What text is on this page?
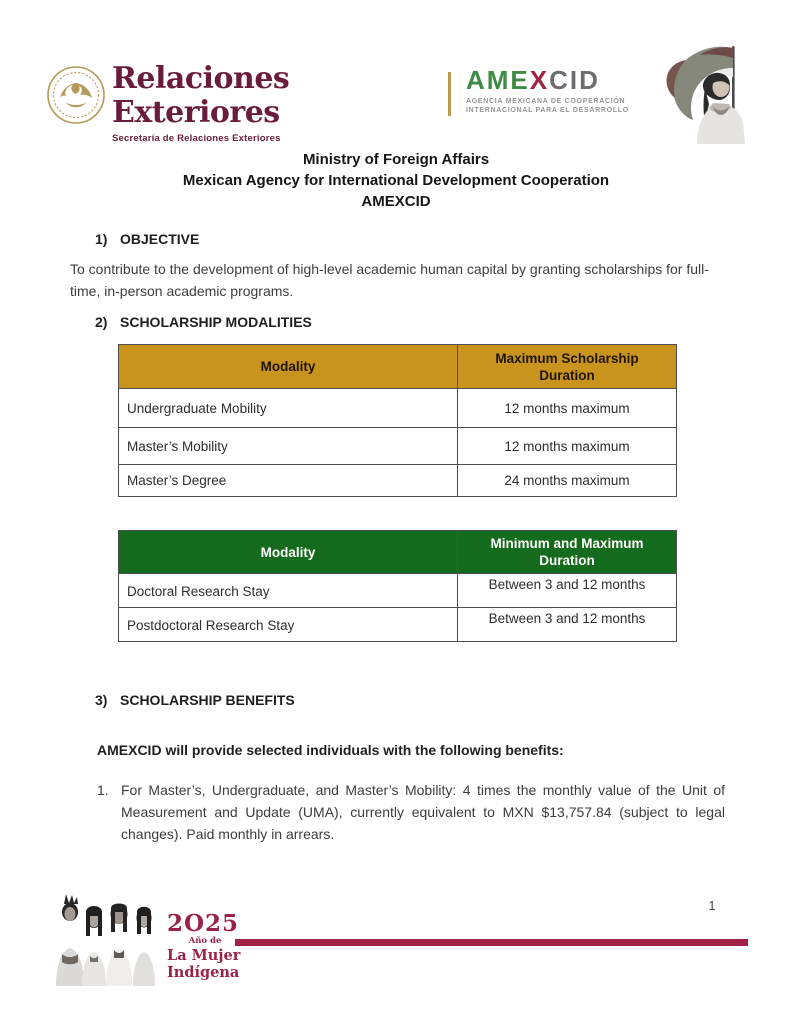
Relaciones Exteriores
Secretaría de Relaciones Exteriores
AMEXCID
AGENCIA MEXICANA DE COOPERACIÓN
INTERNACIONAL PARA EL DESARROLLO
Ministry of Foreign Affairs
Mexican Agency for International Development Cooperation
AMEXCID
1) OBJECTIVE
To contribute to the development of high-level academic human capital by granting scholarships for full-time, in-person academic programs.
2) SCHOLARSHIP MODALITIES
Modality	Maximum Scholarship Duration
Undergraduate Mobility	12 months maximum
Master’s Mobility	12 months maximum
Master’s Degree	24 months maximum
Modality	Minimum and Maximum Duration
Doctoral Research Stay	Between 3 and 12 months
Postdoctoral Research Stay	Between 3 and 12 months
3) SCHOLARSHIP BENEFITS
AMEXCID will provide selected individuals with the following benefits:
1. For Master’s, Undergraduate, and Master’s Mobility: 4 times the monthly value of the Unit of Measurement and Update (UMA), currently equivalent to MXN $13,757.84 (subject to legal changes). Paid monthly in arrears.
2O25
Año de
La Mujer
Indígena
1
